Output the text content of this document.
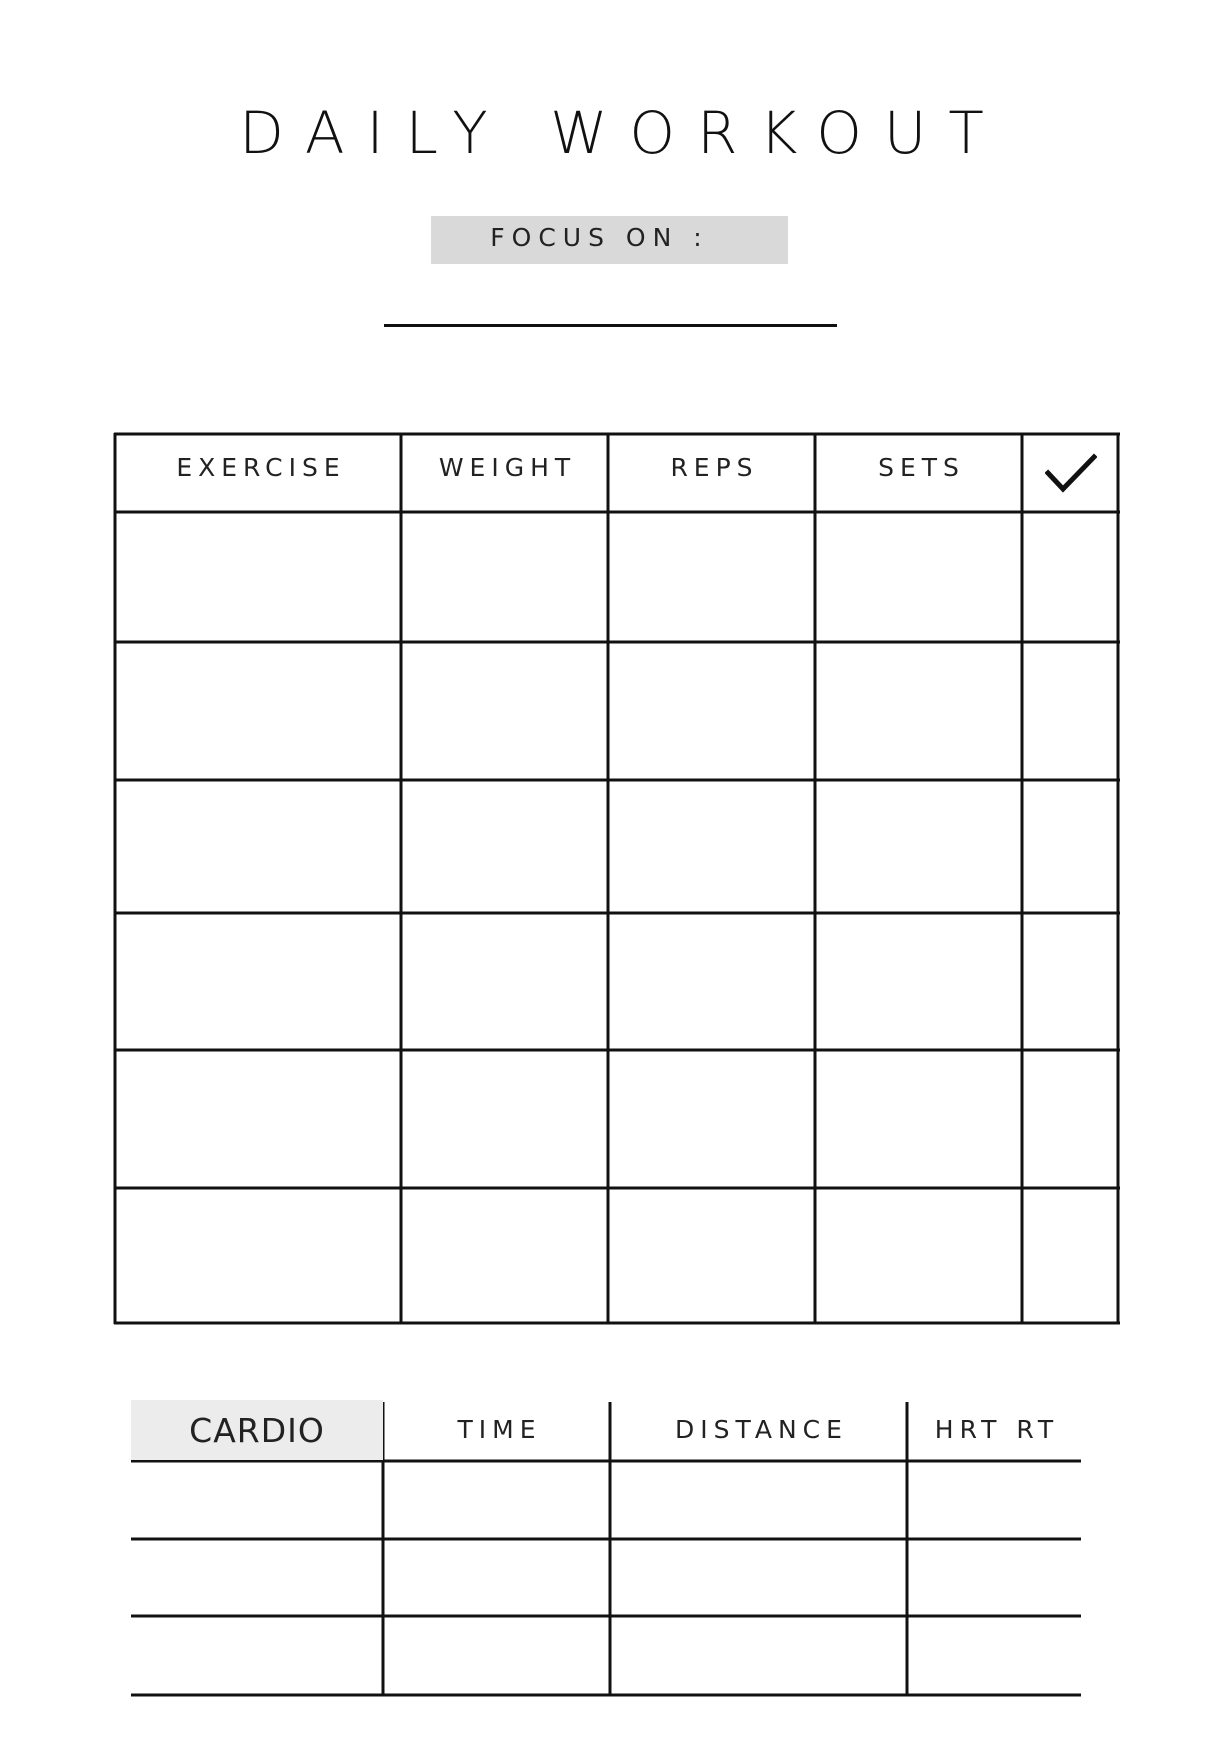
DAILY WORKOUT
FOCUS ON :
EXERCISE	WEIGHT	REPS	SETS
CARDIO	TIME	DISTANCE	HRT RT
